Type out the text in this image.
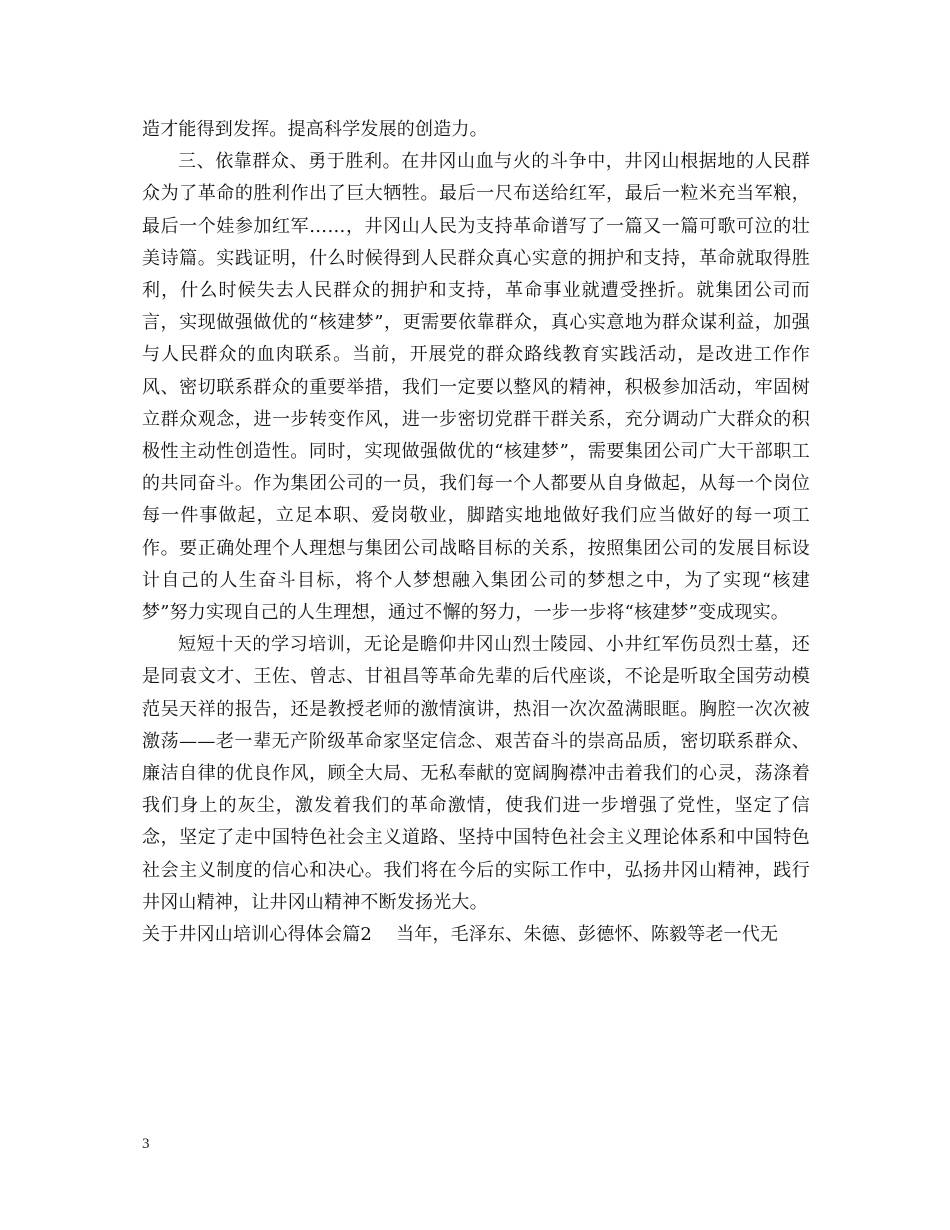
造才能得到发挥。提高科学发展的创造力。

三、依靠群众、勇于胜利。在井冈山血与火的斗争中，井冈山根据地的人民群众为了革命的胜利作出了巨大牺牲。最后一尺布送给红军，最后一粒米充当军粮，最后一个娃参加红军……，井冈山人民为支持革命谱写了一篇又一篇可歌可泣的壮美诗篇。实践证明，什么时候得到人民群众真心实意的拥护和支持，革命就取得胜利，什么时候失去人民群众的拥护和支持，革命事业就遭受挫折。就集团公司而言，实现做强做优的“核建梦”，更需要依靠群众，真心实意地为群众谋利益，加强与人民群众的血肉联系。当前，开展党的群众路线教育实践活动，是改进工作作风、密切联系群众的重要举措，我们一定要以整风的精神，积极参加活动，牢固树立群众观念，进一步转变作风，进一步密切党群干群关系，充分调动广大群众的积极性主动性创造性。同时，实现做强做优的“核建梦”，需要集团公司广大干部职工的共同奋斗。作为集团公司的一员，我们每一个人都要从自身做起，从每一个岗位每一件事做起，立足本职、爱岗敬业，脚踏实地地做好我们应当做好的每一项工作。要正确处理个人理想与集团公司战略目标的关系，按照集团公司的发展目标设计自己的人生奋斗目标，将个人梦想融入集团公司的梦想之中，为了实现“核建梦”努力实现自己的人生理想，通过不懈的努力，一步一步将“核建梦”变成现实。

短短十天的学习培训，无论是瞻仰井冈山烈士陵园、小井红军伤员烈士墓，还是同袁文才、王佐、曾志、甘祖昌等革命先辈的后代座谈，不论是听取全国劳动模范吴天祥的报告，还是教授老师的激情演讲，热泪一次次盈满眼眶。胸腔一次次被激荡——老一辈无产阶级革命家坚定信念、艰苦奋斗的崇高品质，密切联系群众、廉洁自律的优良作风，顾全大局、无私奉献的宽阔胸襟冲击着我们的心灵，荡涤着我们身上的灰尘，激发着我们的革命激情，使我们进一步增强了党性，坚定了信念，坚定了走中国特色社会主义道路、坚持中国特色社会主义理论体系和中国特色社会主义制度的信心和决心。我们将在今后的实际工作中，弘扬井冈山精神，践行井冈山精神，让井冈山精神不断发扬光大。

关于井冈山培训心得体会篇2 当年，毛泽东、朱德、彭德怀、陈毅等老一代无

3
